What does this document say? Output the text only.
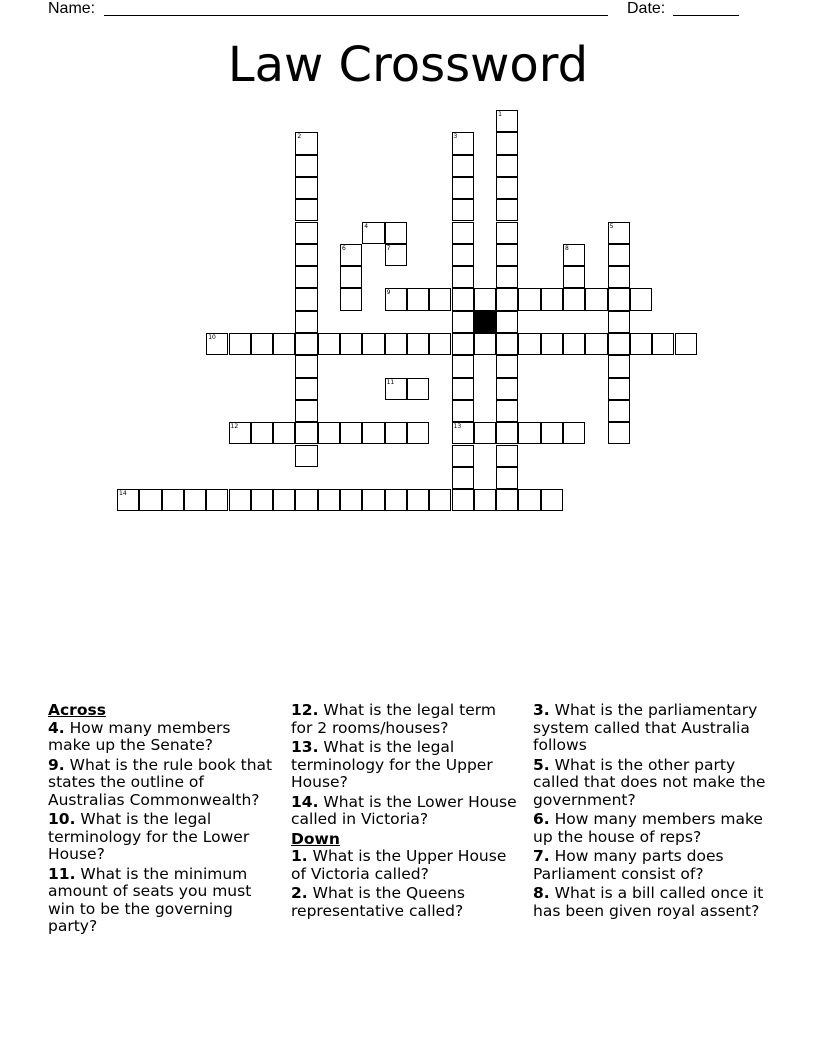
Name:	Date:
Law Crossword
1
2	3
4	5
6	7	8
9
10
11
12	13
14
Across
4. How many members make up the Senate?
9. What is the rule book that states the outline of Australias Commonwealth?
10. What is the legal terminology for the Lower House?
11. What is the minimum amount of seats you must win to be the governing party?
12. What is the legal term for 2 rooms/houses?
13. What is the legal terminology for the Upper House?
14. What is the Lower House called in Victoria?
Down
1. What is the Upper House of Victoria called?
2. What is the Queens representative called?
3. What is the parliamentary system called that Australia follows
5. What is the other party called that does not make the government?
6. How many members make up the house of reps?
7. How many parts does Parliament consist of?
8. What is a bill called once it has been given royal assent?
